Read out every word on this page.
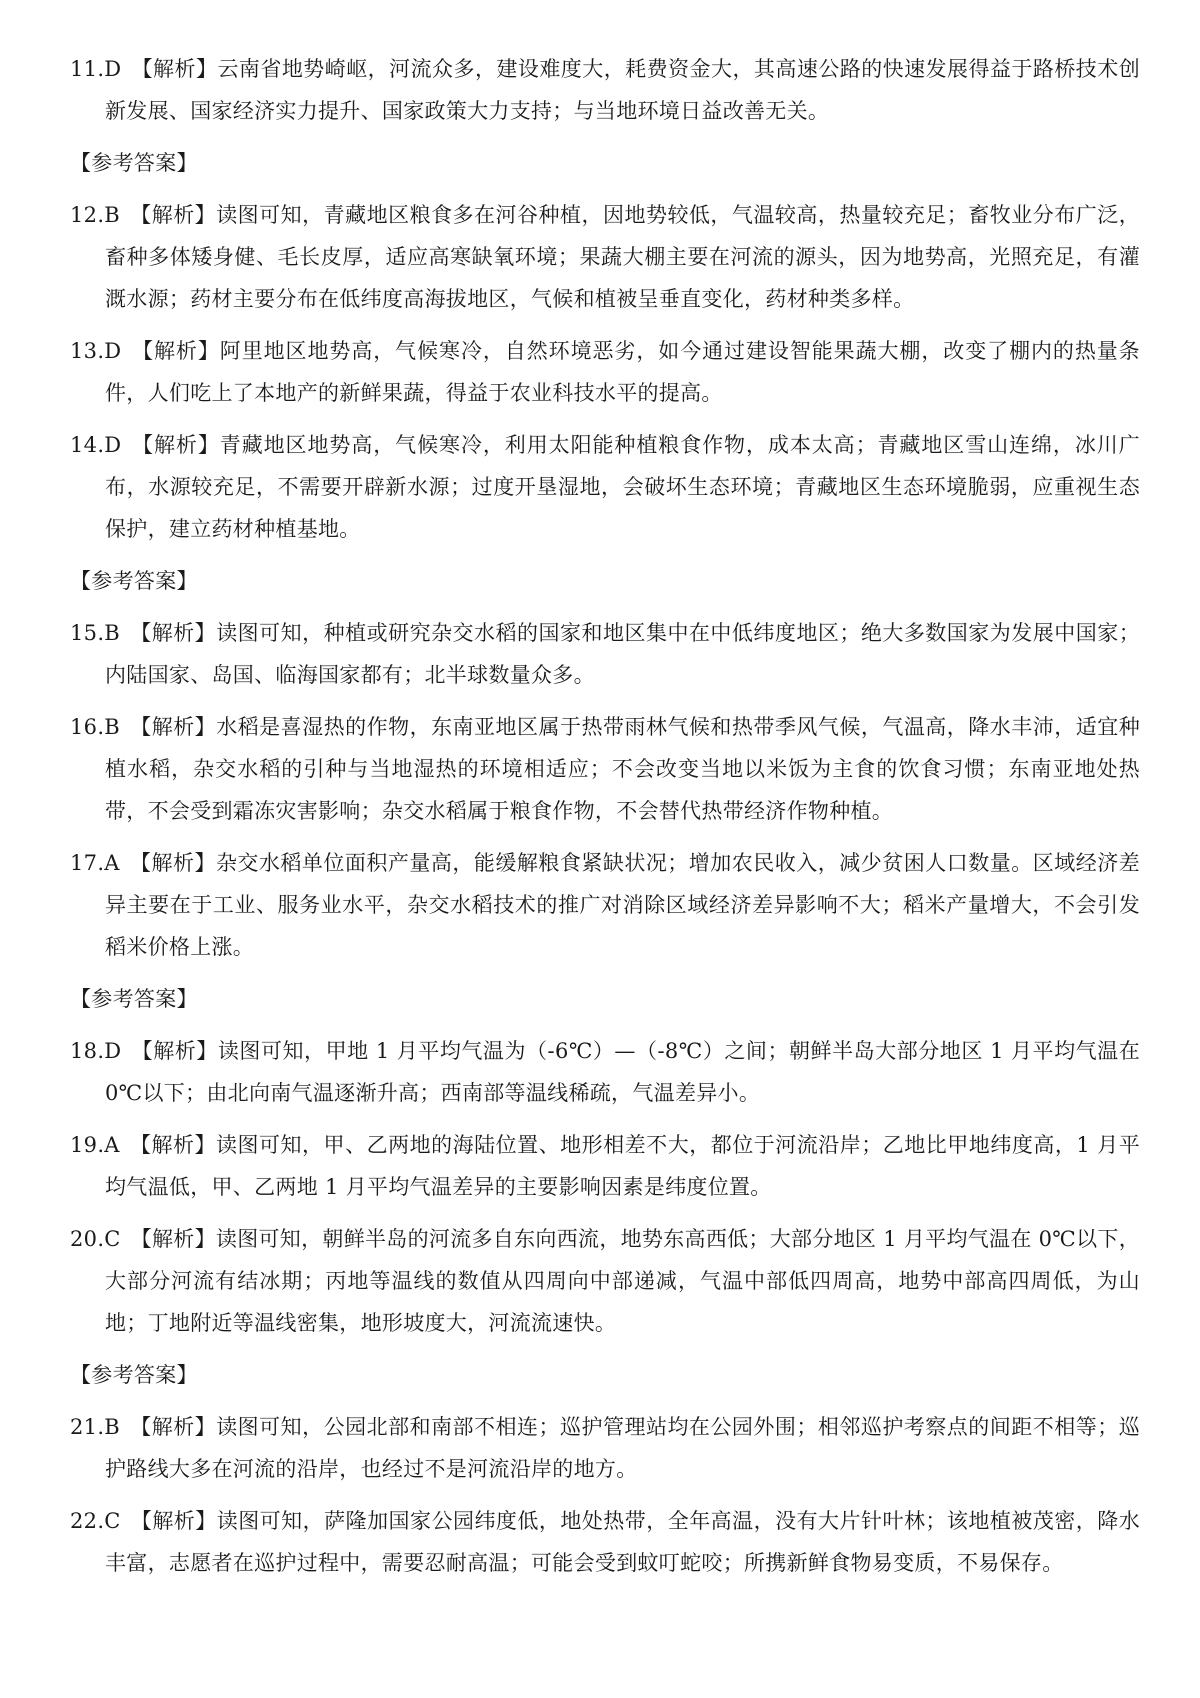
11.D 【解析】云南省地势崎岖，河流众多，建设难度大，耗费资金大，其高速公路的快速发展得益于路桥技术创新发展、国家经济实力提升、国家政策大力支持；与当地环境日益改善无关。
【参考答案】
12.B 【解析】读图可知，青藏地区粮食多在河谷种植，因地势较低，气温较高，热量较充足；畜牧业分布广泛，畜种多体矮身健、毛长皮厚，适应高寒缺氧环境；果蔬大棚主要在河流的源头，因为地势高，光照充足，有灌溉水源；药材主要分布在低纬度高海拔地区，气候和植被呈垂直变化，药材种类多样。
13.D 【解析】阿里地区地势高，气候寒冷，自然环境恶劣，如今通过建设智能果蔬大棚，改变了棚内的热量条件，人们吃上了本地产的新鲜果蔬，得益于农业科技水平的提高。
14.D 【解析】青藏地区地势高，气候寒冷，利用太阳能种植粮食作物，成本太高；青藏地区雪山连绵，冰川广布，水源较充足，不需要开辟新水源；过度开垦湿地，会破坏生态环境；青藏地区生态环境脆弱，应重视生态保护，建立药材种植基地。
【参考答案】
15.B 【解析】读图可知，种植或研究杂交水稻的国家和地区集中在中低纬度地区；绝大多数国家为发展中国家；内陆国家、岛国、临海国家都有；北半球数量众多。
16.B 【解析】水稻是喜湿热的作物，东南亚地区属于热带雨林气候和热带季风气候，气温高，降水丰沛，适宜种植水稻，杂交水稻的引种与当地湿热的环境相适应；不会改变当地以米饭为主食的饮食习惯；东南亚地处热带，不会受到霜冻灾害影响；杂交水稻属于粮食作物，不会替代热带经济作物种植。
17.A 【解析】杂交水稻单位面积产量高，能缓解粮食紧缺状况；增加农民收入，减少贫困人口数量。区域经济差异主要在于工业、服务业水平，杂交水稻技术的推广对消除区域经济差异影响不大；稻米产量增大，不会引发稻米价格上涨。
【参考答案】
18.D 【解析】读图可知，甲地 1 月平均气温为（-6℃）—（-8℃）之间；朝鲜半岛大部分地区 1 月平均气温在 0℃以下；由北向南气温逐渐升高；西南部等温线稀疏，气温差异小。
19.A 【解析】读图可知，甲、乙两地的海陆位置、地形相差不大，都位于河流沿岸；乙地比甲地纬度高，1 月平均气温低，甲、乙两地 1 月平均气温差异的主要影响因素是纬度位置。
20.C 【解析】读图可知，朝鲜半岛的河流多自东向西流，地势东高西低；大部分地区 1 月平均气温在 0℃以下，大部分河流有结冰期；丙地等温线的数值从四周向中部递减，气温中部低四周高，地势中部高四周低，为山地；丁地附近等温线密集，地形坡度大，河流流速快。
【参考答案】
21.B 【解析】读图可知，公园北部和南部不相连；巡护管理站均在公园外围；相邻巡护考察点的间距不相等；巡护路线大多在河流的沿岸，也经过不是河流沿岸的地方。
22.C 【解析】读图可知，萨隆加国家公园纬度低，地处热带，全年高温，没有大片针叶林；该地植被茂密，降水丰富，志愿者在巡护过程中，需要忍耐高温；可能会受到蚊叮蛇咬；所携新鲜食物易变质，不易保存。
